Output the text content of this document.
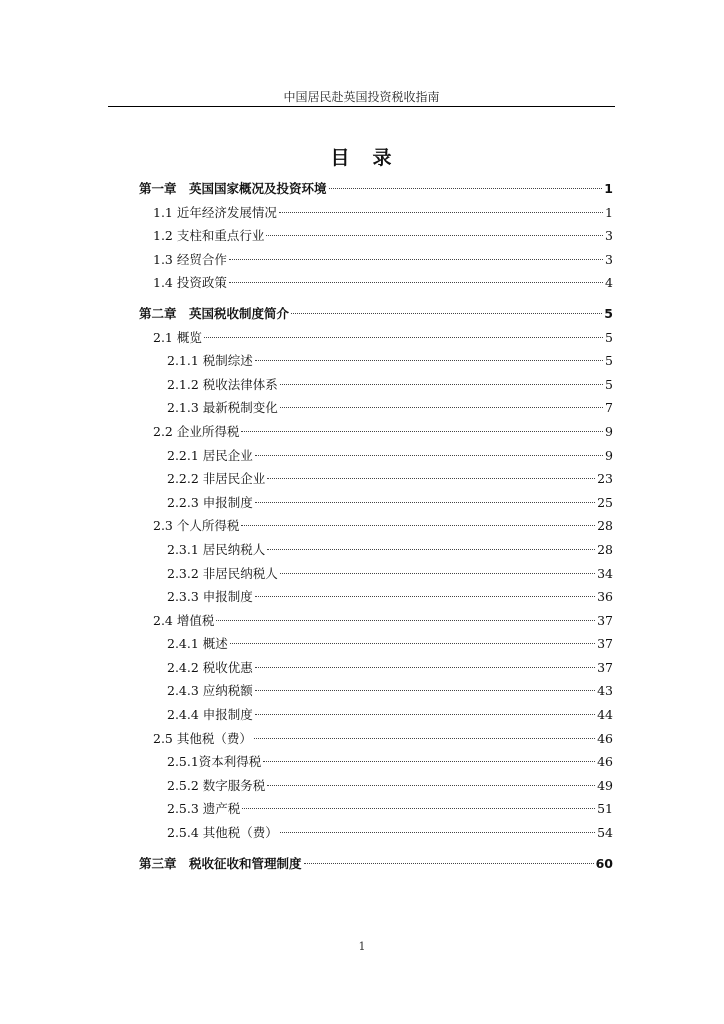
中国居民赴英国投资税收指南
目　录
第一章　英国国家概况及投资环境	1
1.1 近年经济发展情况	1
1.2 支柱和重点行业	3
1.3 经贸合作	3
1.4 投资政策	4
第二章　英国税收制度简介	5
2.1 概览	5
2.1.1 税制综述	5
2.1.2 税收法律体系	5
2.1.3 最新税制变化	7
2.2 企业所得税	9
2.2.1 居民企业	9
2.2.2 非居民企业	23
2.2.3 申报制度	25
2.3 个人所得税	28
2.3.1 居民纳税人	28
2.3.2 非居民纳税人	34
2.3.3 申报制度	36
2.4 增值税	37
2.4.1 概述	37
2.4.2 税收优惠	37
2.4.3 应纳税额	43
2.4.4 申报制度	44
2.5 其他税（费）	46
2.5.1资本利得税	46
2.5.2 数字服务税	49
2.5.3 遗产税	51
2.5.4 其他税（费）	54
第三章　税收征收和管理制度	60
1
